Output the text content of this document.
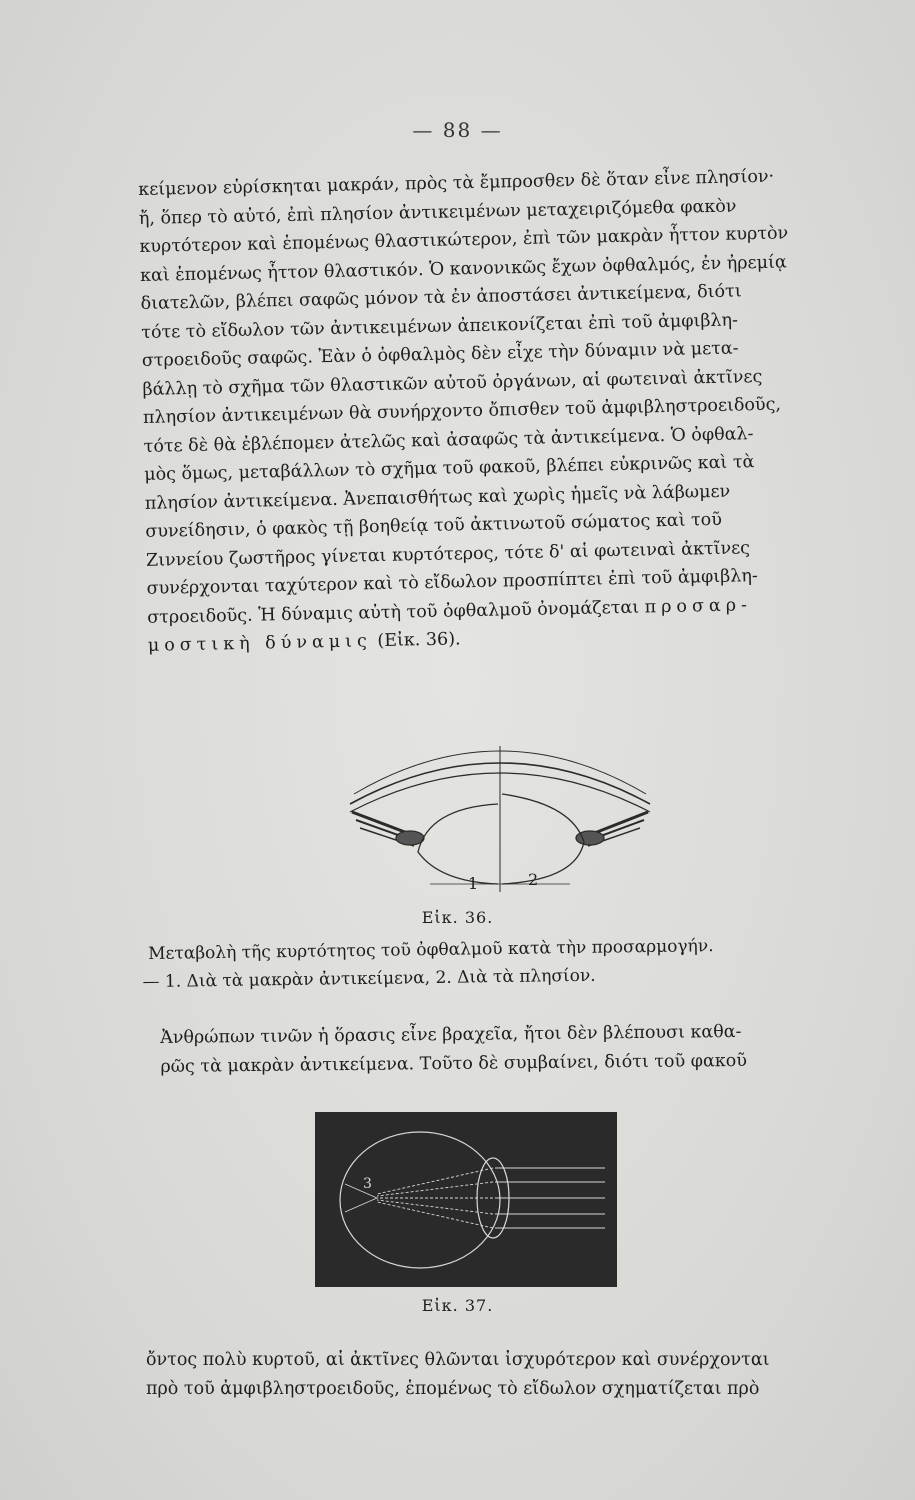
— 88 —
κείμενον εὑρίσκηται μακράν, πρὸς τὰ ἔμπροσθεν δὲ ὅταν εἶνε πλησίον·
ἤ, ὅπερ τὸ αὐτό, ἐπὶ πλησίον ἀντικειμένων μεταχειριζόμεθα φακὸν
κυρτότερον καὶ ἑπομένως θλαστικώτερον, ἐπὶ τῶν μακρὰν ἧττον κυρτὸν
καὶ ἑπομένως ἧττον θλαστικόν. Ὁ κανονικῶς ἔχων ὀφθαλμός, ἐν ἠρεμίᾳ
διατελῶν, βλέπει σαφῶς μόνον τὰ ἐν ἀποστάσει ἀντικείμενα, διότι
τότε τὸ εἴδωλον τῶν ἀντικειμένων ἀπεικονίζεται ἐπὶ τοῦ ἀμφιβλη-
στροειδοῦς σαφῶς. Ἐὰν ὁ ὀφθαλμὸς δὲν εἶχε τὴν δύναμιν νὰ μετα-
βάλλῃ τὸ σχῆμα τῶν θλαστικῶν αὐτοῦ ὀργάνων, αἱ φωτειναὶ ἀκτῖνες
πλησίον ἀντικειμένων θὰ συνήρχοντο ὄπισθεν τοῦ ἀμφιβληστροειδοῦς,
τότε δὲ θὰ ἐβλέπομεν ἀτελῶς καὶ ἀσαφῶς τὰ ἀντικείμενα. Ὁ ὀφθαλ-
μὸς ὅμως, μεταβάλλων τὸ σχῆμα τοῦ φακοῦ, βλέπει εὐκρινῶς καὶ τὰ
πλησίον ἀντικείμενα. Ἀνεπαισθήτως καὶ χωρὶς ἡμεῖς νὰ λάβωμεν
συνείδησιν, ὁ φακὸς τῇ βοηθείᾳ τοῦ ἀκτινωτοῦ σώματος καὶ τοῦ
Ζιννείου ζωστῆρος γίνεται κυρτότερος, τότε δ' αἱ φωτειναὶ ἀκτῖνες
συνέρχονται ταχύτερον καὶ τὸ εἴδωλον προσπίπτει ἐπὶ τοῦ ἀμφιβλη-
στροειδοῦς. Ἡ δύναμις αὐτὴ τοῦ ὀφθαλμοῦ ὀνομάζεται προσαρ-
μοστικὴ δύναμις (Εἰκ. 36).
1	2
Εἰκ. 36.
Μεταβολὴ τῆς κυρτότητος τοῦ ὀφθαλμοῦ κατὰ τὴν προσαρμογήν.
— 1. Διὰ τὰ μακρὰν ἀντικείμενα, 2. Διὰ τὰ πλησίον.
Ἀνθρώπων τινῶν ἡ ὅρασις εἶνε βραχεῖα, ἤτοι δὲν βλέπουσι καθα-
ρῶς τὰ μακρὰν ἀντικείμενα. Τοῦτο δὲ συμβαίνει, διότι τοῦ φακοῦ
3
Εἰκ. 37.
ὄντος πολὺ κυρτοῦ, αἱ ἀκτῖνες θλῶνται ἰσχυρότερον καὶ συνέρχονται
πρὸ τοῦ ἀμφιβληστροειδοῦς, ἑπομένως τὸ εἴδωλον σχηματίζεται πρὸ
